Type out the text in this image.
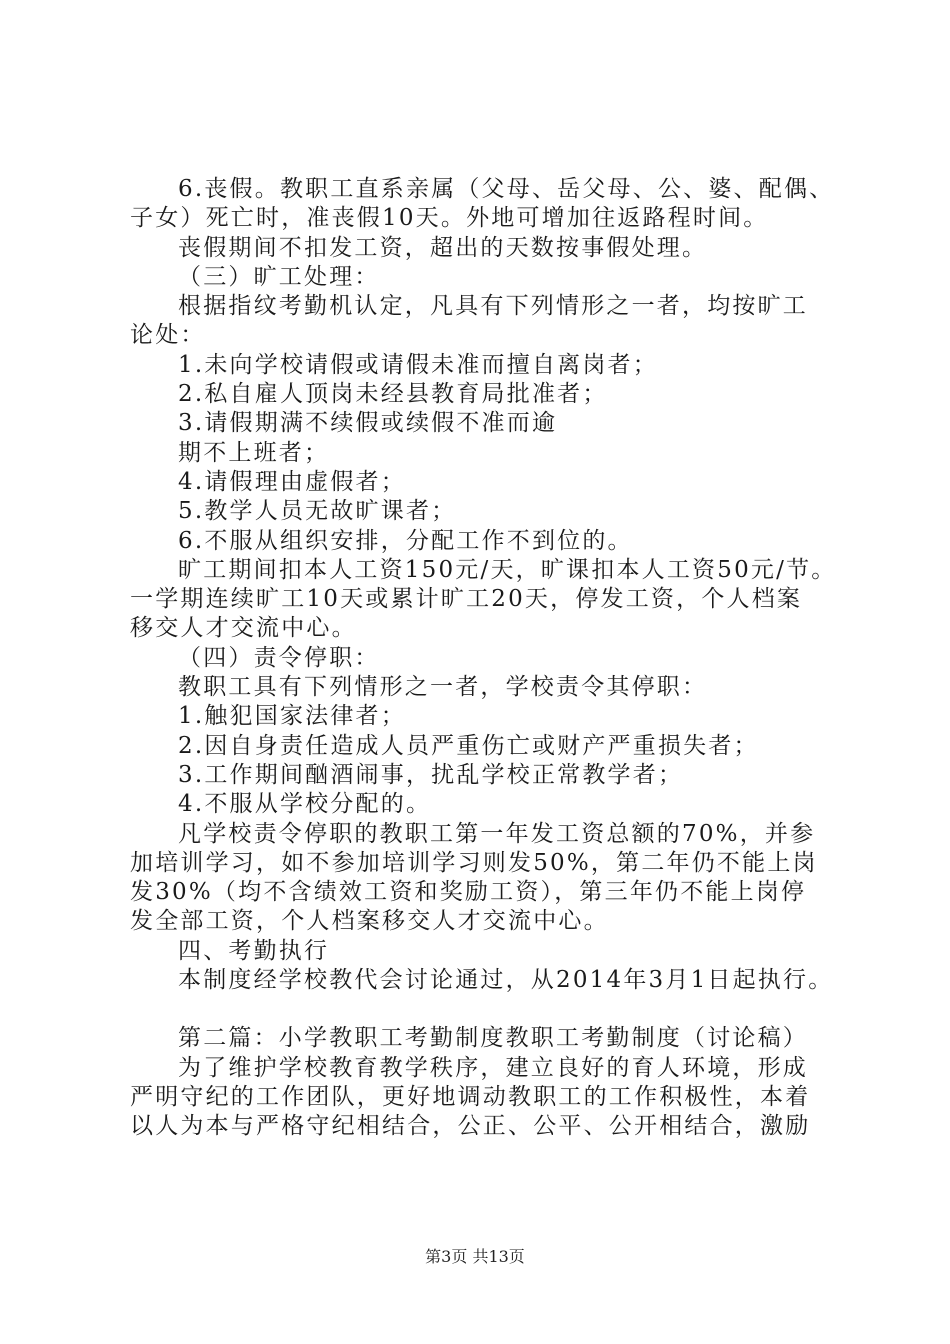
6.丧假。教职工直系亲属（父母、岳父母、公、婆、配偶、
子女）死亡时，准丧假10天。外地可增加往返路程时间。
丧假期间不扣发工资，超出的天数按事假处理。
（三）旷工处理：
根据指纹考勤机认定，凡具有下列情形之一者，均按旷工
论处：
1.未向学校请假或请假未准而擅自离岗者；
2.私自雇人顶岗未经县教育局批准者；
3.请假期满不续假或续假不准而逾
期不上班者；
4.请假理由虚假者；
5.教学人员无故旷课者；
6.不服从组织安排，分配工作不到位的。
旷工期间扣本人工资150元/天，旷课扣本人工资50元/节。
一学期连续旷工10天或累计旷工20天，停发工资，个人档案
移交人才交流中心。
（四）责令停职：
教职工具有下列情形之一者，学校责令其停职：
1.触犯国家法律者；
2.因自身责任造成人员严重伤亡或财产严重损失者；
3.工作期间酗酒闹事，扰乱学校正常教学者；
4.不服从学校分配的。
凡学校责令停职的教职工第一年发工资总额的70%，并参
加培训学习，如不参加培训学习则发50%，第二年仍不能上岗
发30%（均不含绩效工资和奖励工资），第三年仍不能上岗停
发全部工资，个人档案移交人才交流中心。
四、考勤执行
本制度经学校教代会讨论通过，从2014年3月1日起执行。
第二篇：小学教职工考勤制度教职工考勤制度（讨论稿）
为了维护学校教育教学秩序，建立良好的育人环境，形成
严明守纪的工作团队，更好地调动教职工的工作积极性，本着
以人为本与严格守纪相结合，公正、公平、公开相结合，激励
第3页 共13页
